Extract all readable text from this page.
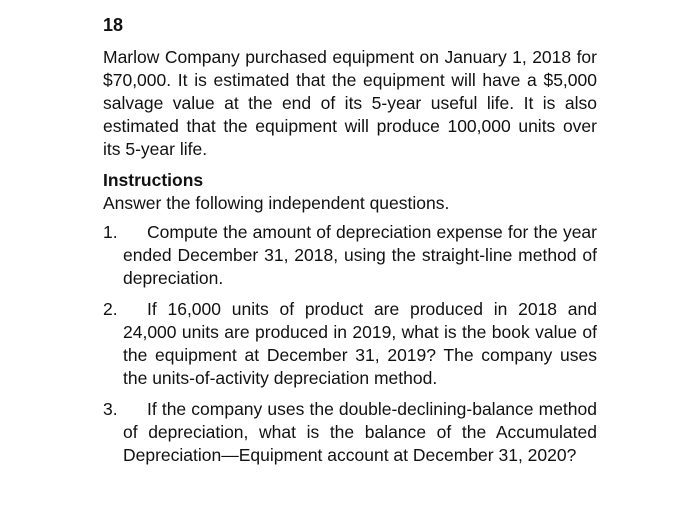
18

Marlow Company purchased equipment on January 1, 2018 for $70,000. It is estimated that the equipment will have a $5,000 salvage value at the end of its 5-year useful life. It is also estimated that the equipment will produce 100,000 units over its 5-year life.

Instructions
Answer the following independent questions.
1.	Compute the amount of depreciation expense for the year ended December 31, 2018, using the straight-line method of depreciation.

2.	If 16,000 units of product are produced in 2018 and 24,000 units are produced in 2019, what is the book value of the equipment at December 31, 2019? The company uses the units-of-activity depreciation method.

3.	If the company uses the double-declining-balance method of depreciation, what is the balance of the Accumulated Depreciation—Equipment account at December 31, 2020?
